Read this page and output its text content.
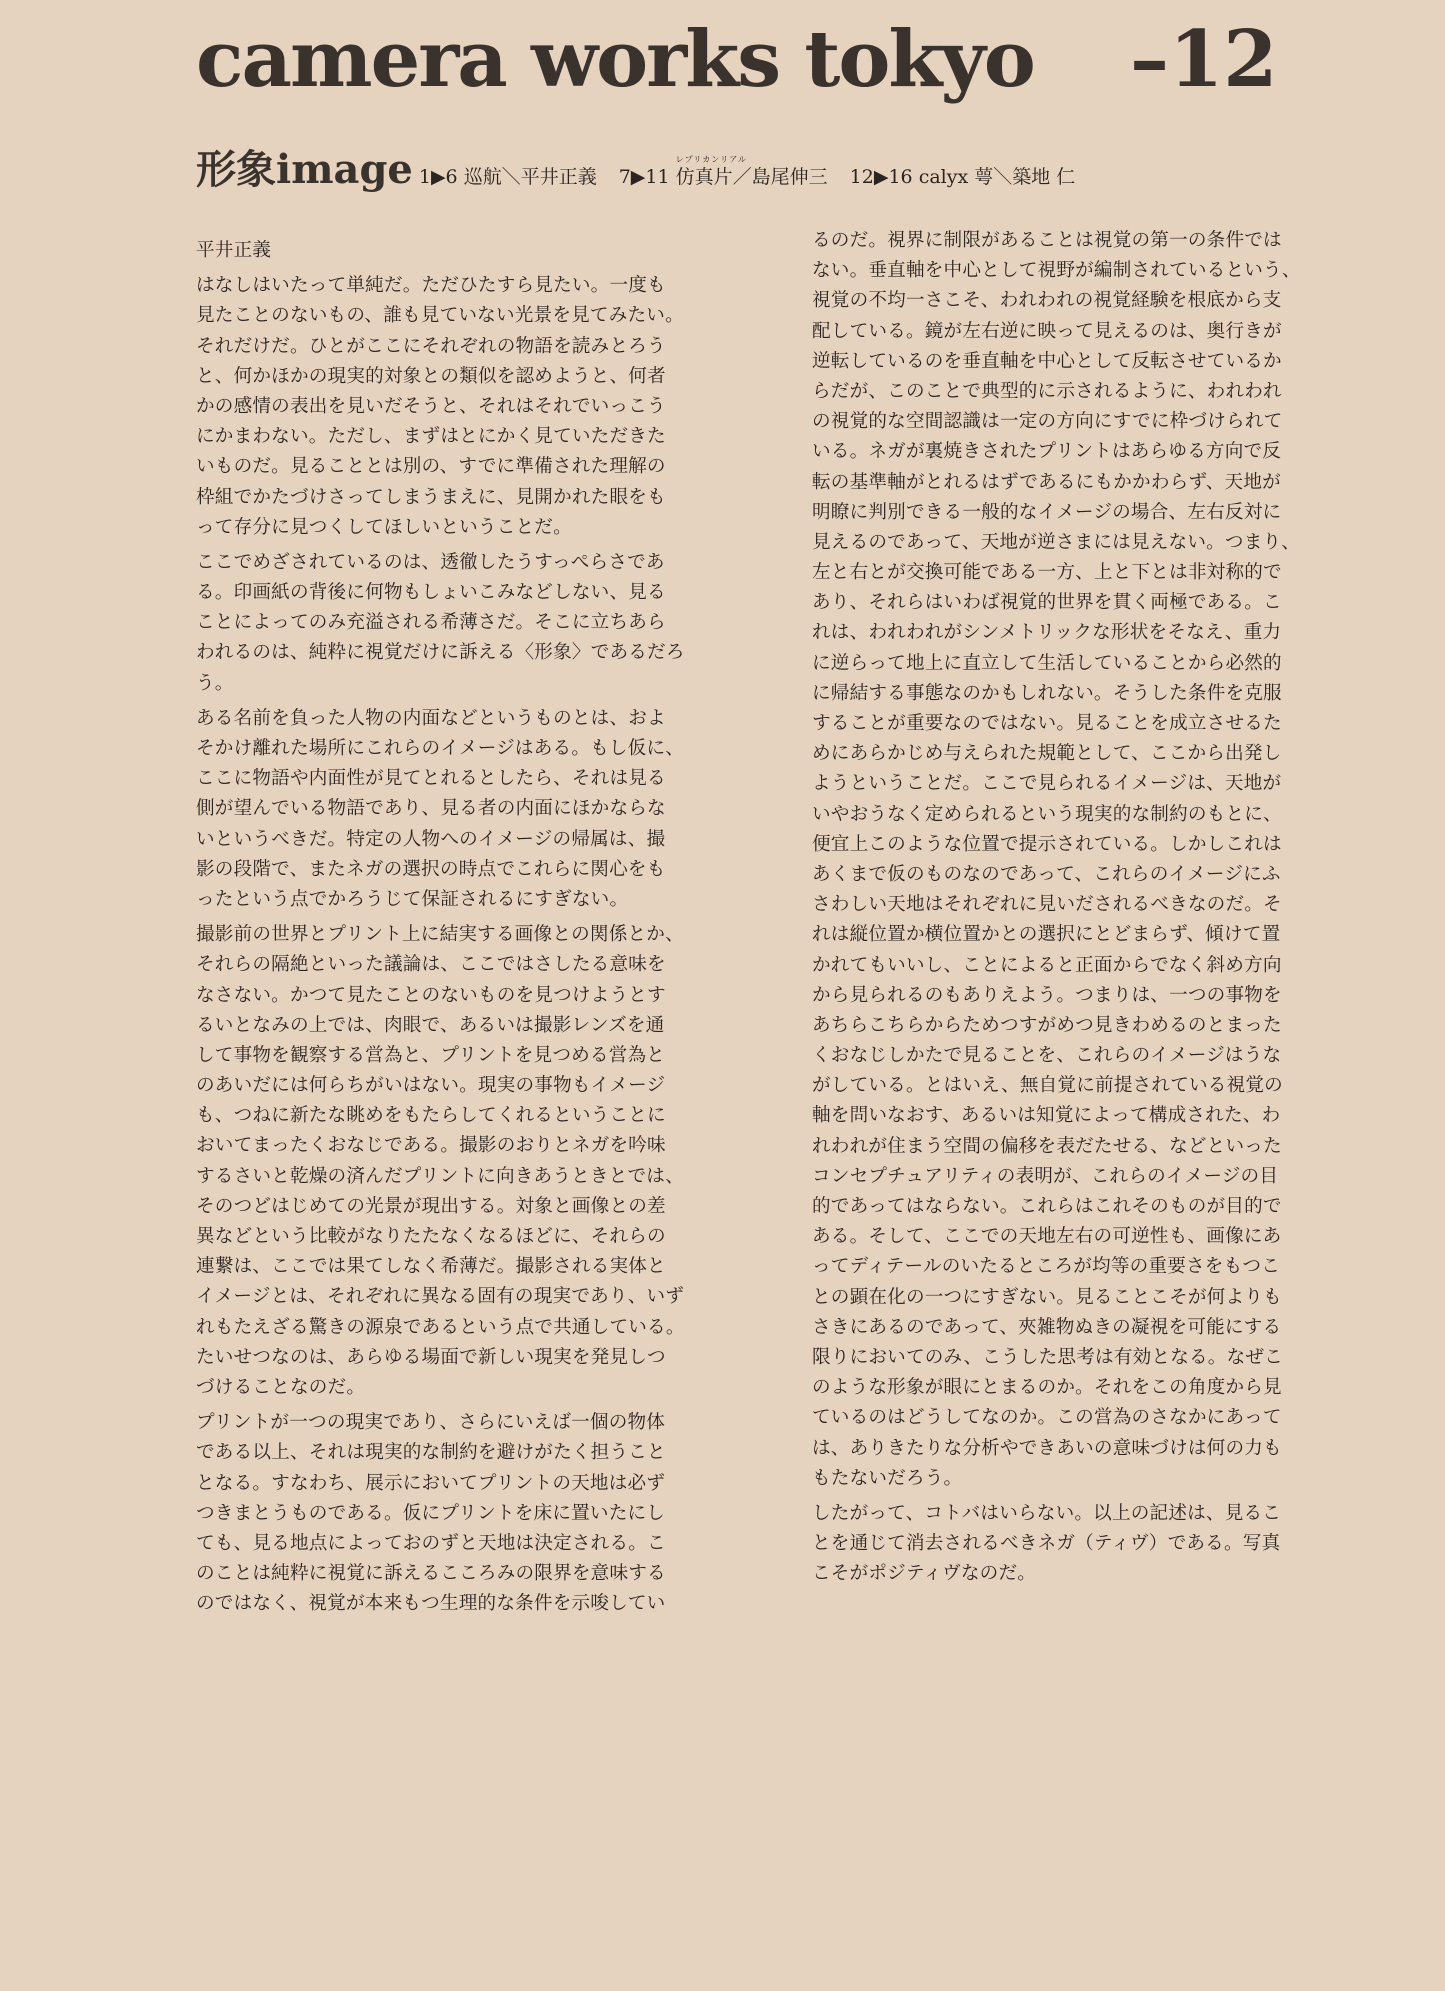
camera works tokyo –12
形象 image 1▶6 巡航＼平井正義 7▶11
レプリカンリアル
仿真片／島尾伸三 12▶16 calyx 萼＼築地 仁
平井正義
はなしはいたって単純だ。ただひたすら見たい。一度も
見たことのないもの、誰も見ていない光景を見てみたい。
それだけだ。ひとがここにそれぞれの物語を読みとろう
と、何かほかの現実的対象との類似を認めようと、何者
かの感情の表出を見いだそうと、それはそれでいっこう
にかまわない。ただし、まずはとにかく見ていただきた
いものだ。見ることとは別の、すでに準備された理解の
枠組でかたづけさってしまうまえに、見開かれた眼をも
って存分に見つくしてほしいということだ。
ここでめざされているのは、透徹したうすっぺらさであ
る。印画紙の背後に何物もしょいこみなどしない、見る
ことによってのみ充溢される希薄さだ。そこに立ちあら
われるのは、純粋に視覚だけに訴える〈形象〉であるだろ
う。
ある名前を負った人物の内面などというものとは、およ
そかけ離れた場所にこれらのイメージはある。もし仮に、
ここに物語や内面性が見てとれるとしたら、それは見る
側が望んでいる物語であり、見る者の内面にほかならな
いというべきだ。特定の人物へのイメージの帰属は、撮
影の段階で、またネガの選択の時点でこれらに関心をも
ったという点でかろうじて保証されるにすぎない。
撮影前の世界とプリント上に結実する画像との関係とか、
それらの隔絶といった議論は、ここではさしたる意味を
なさない。かつて見たことのないものを見つけようとす
るいとなみの上では、肉眼で、あるいは撮影レンズを通
して事物を観察する営為と、プリントを見つめる営為と
のあいだには何らちがいはない。現実の事物もイメージ
も、つねに新たな眺めをもたらしてくれるということに
おいてまったくおなじである。撮影のおりとネガを吟味
するさいと乾燥の済んだプリントに向きあうときとでは、
そのつどはじめての光景が現出する。対象と画像との差
異などという比較がなりたたなくなるほどに、それらの
連繋は、ここでは果てしなく希薄だ。撮影される実体と
イメージとは、それぞれに異なる固有の現実であり、いず
れもたえざる驚きの源泉であるという点で共通している。
たいせつなのは、あらゆる場面で新しい現実を発見しつ
づけることなのだ。
プリントが一つの現実であり、さらにいえば一個の物体
である以上、それは現実的な制約を避けがたく担うこと
となる。すなわち、展示においてプリントの天地は必ず
つきまとうものである。仮にプリントを床に置いたにし
ても、見る地点によっておのずと天地は決定される。こ
のことは純粋に視覚に訴えるこころみの限界を意味する
のではなく、視覚が本来もつ生理的な条件を示唆してい
るのだ。視界に制限があることは視覚の第一の条件では
ない。垂直軸を中心として視野が編制されているという、
視覚の不均一さこそ、われわれの視覚経験を根底から支
配している。鏡が左右逆に映って見えるのは、奥行きが
逆転しているのを垂直軸を中心として反転させているか
らだが、このことで典型的に示されるように、われわれ
の視覚的な空間認識は一定の方向にすでに枠づけられて
いる。ネガが裏焼きされたプリントはあらゆる方向で反
転の基準軸がとれるはずであるにもかかわらず、天地が
明瞭に判別できる一般的なイメージの場合、左右反対に
見えるのであって、天地が逆さまには見えない。つまり、
左と右とが交換可能である一方、上と下とは非対称的で
あり、それらはいわば視覚的世界を貫く両極である。こ
れは、われわれがシンメトリックな形状をそなえ、重力
に逆らって地上に直立して生活していることから必然的
に帰結する事態なのかもしれない。そうした条件を克服
することが重要なのではない。見ることを成立させるた
めにあらかじめ与えられた規範として、ここから出発し
ようということだ。ここで見られるイメージは、天地が
いやおうなく定められるという現実的な制約のもとに、
便宜上このような位置で提示されている。しかしこれは
あくまで仮のものなのであって、これらのイメージにふ
さわしい天地はそれぞれに見いだされるべきなのだ。そ
れは縦位置か横位置かとの選択にとどまらず、傾けて置
かれてもいいし、ことによると正面からでなく斜め方向
から見られるのもありえよう。つまりは、一つの事物を
あちらこちらからためつすがめつ見きわめるのとまった
くおなじしかたで見ることを、これらのイメージはうな
がしている。とはいえ、無自覚に前提されている視覚の
軸を問いなおす、あるいは知覚によって構成された、わ
れわれが住まう空間の偏移を表だたせる、などといった
コンセプチュアリティの表明が、これらのイメージの目
的であってはならない。これらはこれそのものが目的で
ある。そして、ここでの天地左右の可逆性も、画像にあ
ってディテールのいたるところが均等の重要さをもつこ
との顕在化の一つにすぎない。見ることこそが何よりも
さきにあるのであって、夾雑物ぬきの凝視を可能にする
限りにおいてのみ、こうした思考は有効となる。なぜこ
のような形象が眼にとまるのか。それをこの角度から見
ているのはどうしてなのか。この営為のさなかにあって
は、ありきたりな分析やできあいの意味づけは何の力も
もたないだろう。
したがって、コトバはいらない。以上の記述は、見るこ
とを通じて消去されるべきネガ（ティヴ）である。写真
こそがポジティヴなのだ。
